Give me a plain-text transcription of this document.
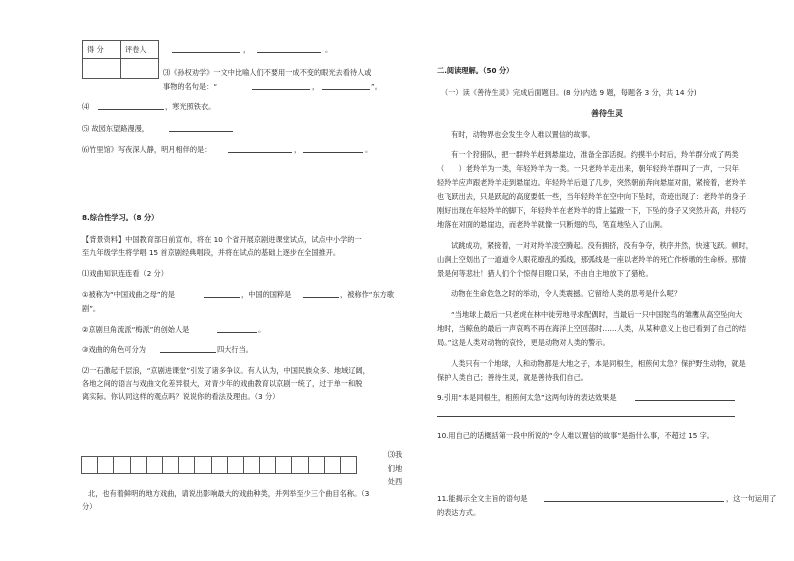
得 分	评卷人
		，	。
⑶《孙权劝学》一文中比喻人们不要用一成不变的眼光去看待人或
事物的名句是：“	，	”。
⑷	，寒光照铁衣。
⑸ 故园东望路漫漫，
⑹竹里馆》写夜深人静，明月相伴的是：	，	。
8.综合性学习。（8 分）
【背景资料】中国教育部日前宣布，将在 10 个省开展京剧进课堂试点，试点中小学的一
至九年级学生将学唱 15 首京剧经典唱段，并将在试点的基础上逐步在全国推开。
⑴戏曲知识连连看（2 分）
①被称为“中国戏曲之母”的是	，中国的国粹是	，被称作“东方歌
剧”。
②京剧旦角流派“梅派”的创始人是	。
③戏曲的角色可分为	四大行当。
⑵一石激起千层浪，“京剧进课堂”引发了诸多争议。有人认为，中国民族众多、地域辽阔，
各地之间的语言与戏曲文化差异很大，对青少年的戏曲教育以京剧一统了，过于单一和脱
离实际。你认同这样的观点吗？说说你的看法及理由。（3 分）
⑶我
们地
处西
北，也有着鲜明的地方戏曲，请说出影响最大的戏曲种类，并列举至少三个曲目名称。（3
分）
二.阅读理解。（50 分）
（一）读《善待生灵》完成后面题目。(8 分)内选 9 题，每题各 3 分，共 14 分)
善待生灵
有时，动物界也会发生令人难以置信的故事。
有一个狩猎队，把一群羚羊赶到悬崖边，准备全部活捉。约摸半小时后，羚羊群分成了两类
（　　）老羚羊为一类，年轻羚羊为一类。一只老羚羊走出来，朝年轻羚羊群叫了一声，一只年
轻羚羊应声跟老羚羊走到悬崖边。年轻羚羊后退了几步，突然朝前奔向悬崖对面，紧接着，老羚羊
也飞跃出去，只是跃起的高度要低一些，当年轻羚羊在空中向下坠时，奇迹出现了：老羚羊的身子
刚好出现在年轻羚羊的脚下，年轻羚羊在老羚羊的背上猛蹬一下，下坠的身子又突然升高，并轻巧
地落在对面的悬崖边，而老羚羊就像一只断翅的鸟，笔直地坠入了山涧。
试跳成功，紧接着，一对对羚羊凌空腾起。没有拥挤，没有争夺，秩序井然，快速飞跃。顿时，
山涧上空划出了一道道令人眼花缭乱的弧线，那弧线是一座以老羚羊的死亡作桥墩的生命桥。那情
景是何等悲壮！猎人们个个惊得目瞪口呆，不由自主地放下了猎枪。
动物在生命危急之时的举动，令人类震撼。它留给人类的思考是什么呢？
“当地球上最后一只老虎在林中徒劳地寻求配偶时，当最后一只中国鸵鸟的雏鹰从高空坠向大
地时，当鲸鱼的最后一声哀鸣不再在海洋上空回荡时……人类，从某种意义上也已看到了自己的结
局。”这是人类对动物的哀怜，更是动物对人类的警示。
人类只有一个地球，人和动物都是大地之子，本是同根生，相煎何太急？保护野生动物，就是
保护人类自己；善待生灵，就是善待我们自己。
9.引用“本是同根生，相煎何太急”这两句诗的表达效果是
10.用自己的话概括第一段中所说的“令人难以置信的故事”是指什么事，不超过 15 字。
11.能揭示全文主旨的语句是	，这一句运用了
的表达方式。
